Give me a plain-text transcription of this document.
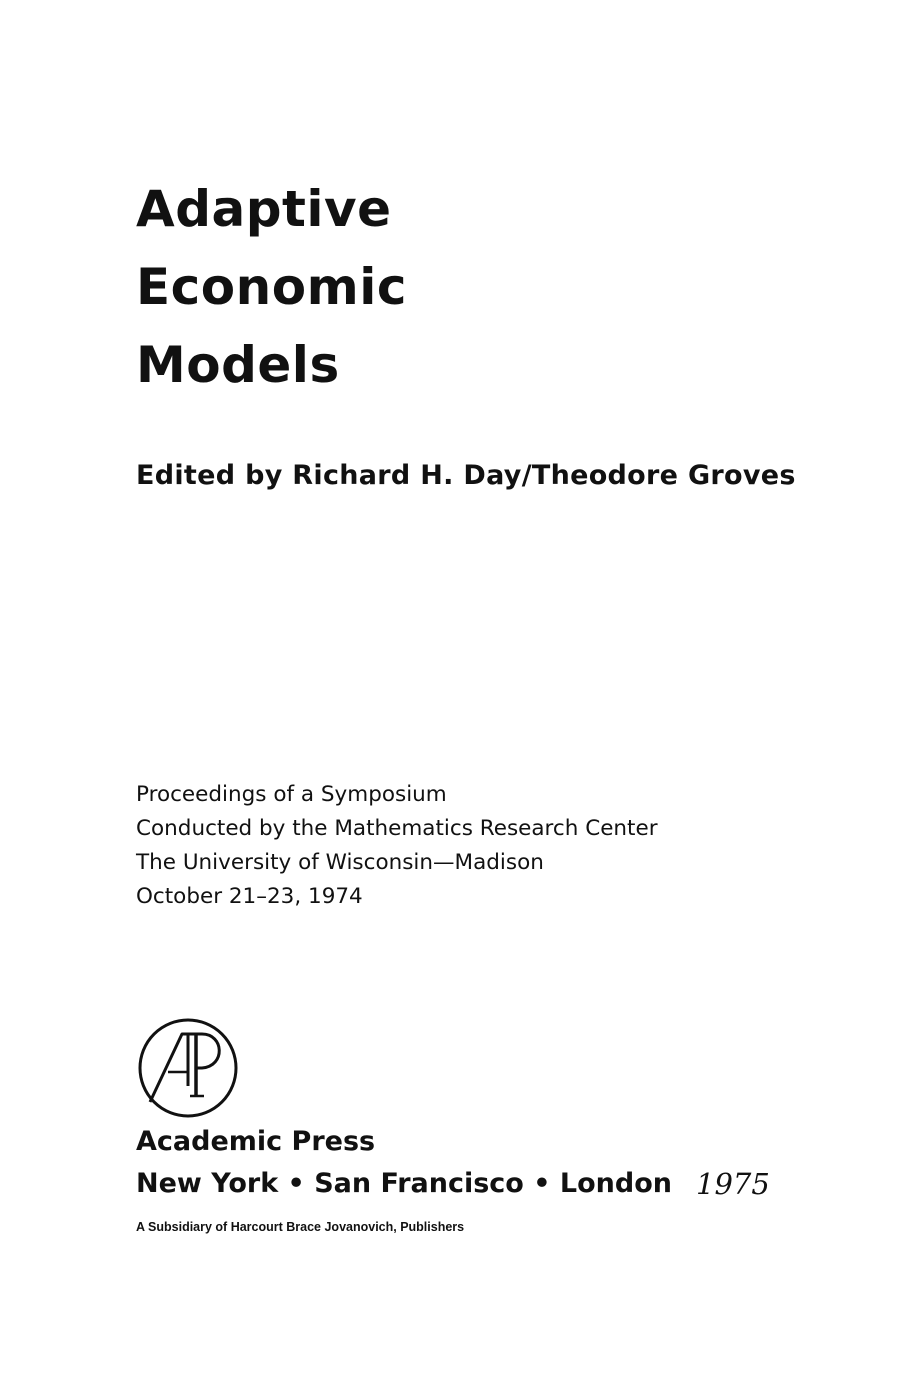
Adaptive
Economic
Models
Edited by Richard H. Day/Theodore Groves
Proceedings of a Symposium
Conducted by the Mathematics Research Center
The University of Wisconsin—Madison
October 21–23, 1974
Academic Press
New York • San Francisco • London 1975
A Subsidiary of Harcourt Brace Jovanovich, Publishers
